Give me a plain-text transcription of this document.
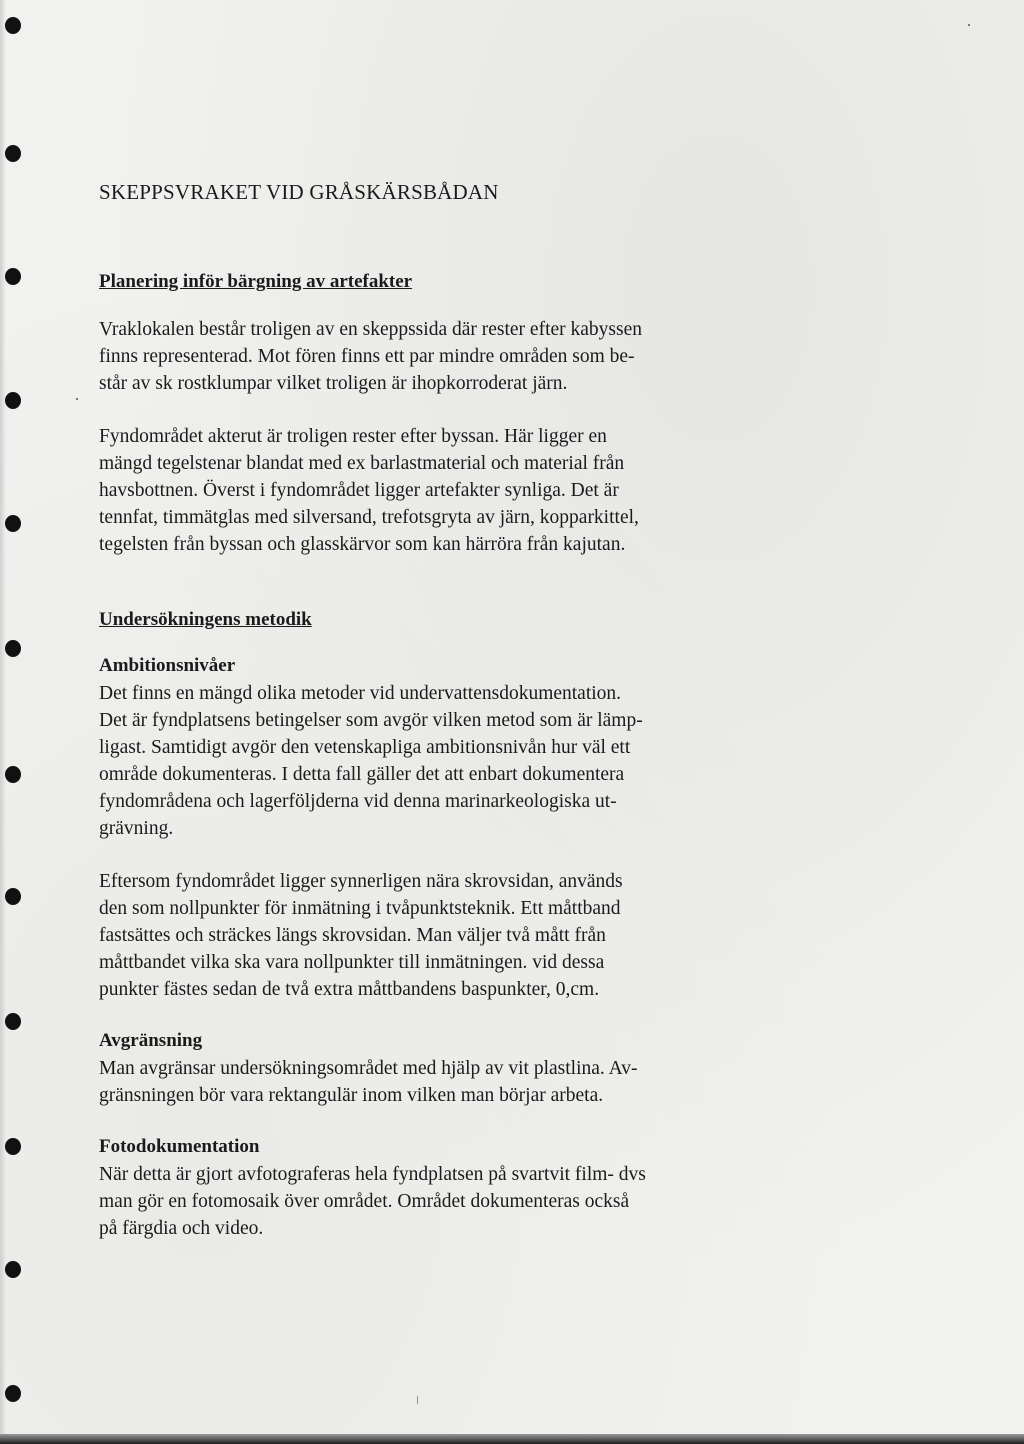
SKEPPSVRAKET VID GRÅSKÄRSBÅDAN
Planering inför bärgning av artefakter

Vraklokalen består troligen av en skeppssida där rester efter kabyssen
finns representerad. Mot fören finns ett par mindre områden som be-
står av sk rostklumpar vilket troligen är ihopkorroderat järn.

Fyndområdet akterut är troligen rester efter byssan. Här ligger en
mängd tegelstenar blandat med ex barlastmaterial och material från
havsbottnen. Överst i fyndområdet ligger artefakter synliga. Det är
tennfat, timmätglas med silversand, trefotsgryta av järn, kopparkittel,
tegelsten från byssan och glasskärvor som kan härröra från kajutan.

Undersökningens metodik
Ambitionsnivåer

Det finns en mängd olika metoder vid undervattensdokumentation.
Det är fyndplatsens betingelser som avgör vilken metod som är lämp-
ligast. Samtidigt avgör den vetenskapliga ambitionsnivån hur väl ett
område dokumenteras. I detta fall gäller det att enbart dokumentera
fyndområdena och lagerföljderna vid denna marinarkeologiska ut-
grävning.

Eftersom fyndområdet ligger synnerligen nära skrovsidan, används
den som nollpunkter för inmätning i tvåpunktsteknik. Ett måttband
fastsättes och sträckes längs skrovsidan. Man väljer två mått från
måttbandet vilka ska vara nollpunkter till inmätningen. vid dessa
punkter fästes sedan de två extra måttbandens baspunkter, 0,cm.

Avgränsning

Man avgränsar undersökningsområdet med hjälp av vit plastlina. Av-
gränsningen bör vara rektangulär inom vilken man börjar arbeta.

Fotodokumentation

När detta är gjort avfotograferas hela fyndplatsen på svartvit film- dvs
man gör en fotomosaik över området. Området dokumenteras också
på färgdia och video.
